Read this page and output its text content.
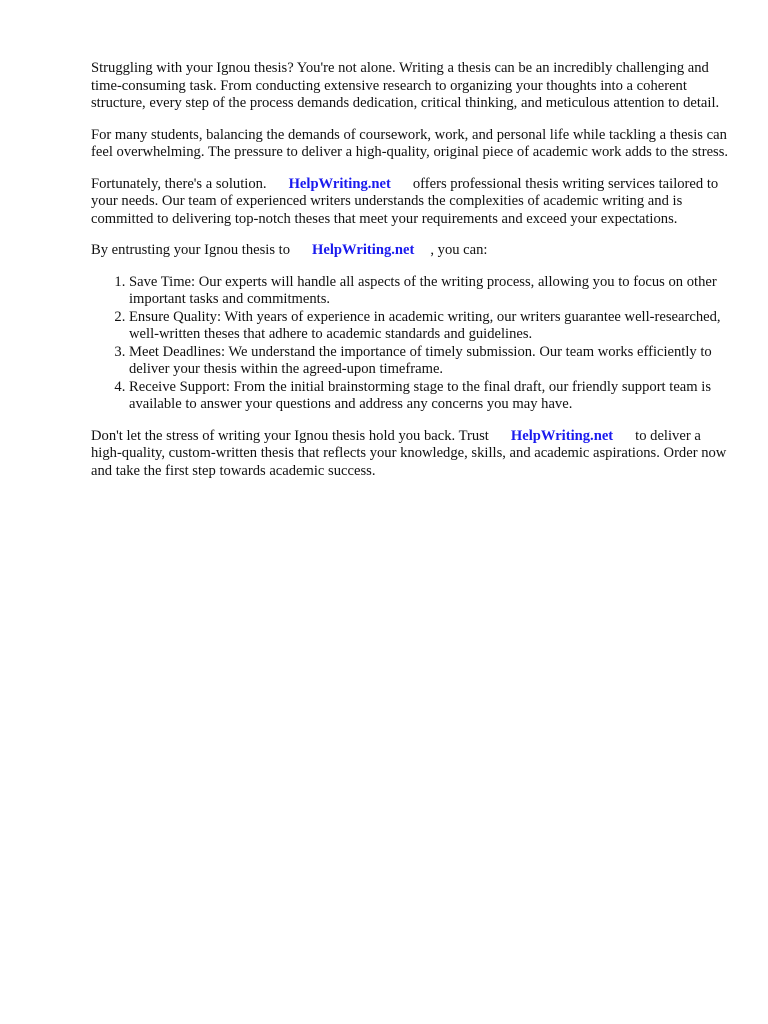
Struggling with your Ignou thesis? You're not alone. Writing a thesis can be an incredibly challenging and time-consuming task. From conducting extensive research to organizing your thoughts into a coherent structure, every step of the process demands dedication, critical thinking, and meticulous attention to detail.

For many students, balancing the demands of coursework, work, and personal life while tackling a thesis can feel overwhelming. The pressure to deliver a high-quality, original piece of academic work adds to the stress.

Fortunately, there's a solution. HelpWriting.net offers professional thesis writing services tailored to your needs. Our team of experienced writers understands the complexities of academic writing and is committed to delivering top-notch theses that meet your requirements and exceed your expectations.

By entrusting your Ignou thesis to HelpWriting.net , you can:

1. Save Time: Our experts will handle all aspects of the writing process, allowing you to focus on other important tasks and commitments.
2. Ensure Quality: With years of experience in academic writing, our writers guarantee well-researched, well-written theses that adhere to academic standards and guidelines.
3. Meet Deadlines: We understand the importance of timely submission. Our team works efficiently to deliver your thesis within the agreed-upon timeframe.
4. Receive Support: From the initial brainstorming stage to the final draft, our friendly support team is available to answer your questions and address any concerns you may have.

Don't let the stress of writing your Ignou thesis hold you back. Trust HelpWriting.net to deliver a high-quality, custom-written thesis that reflects your knowledge, skills, and academic aspirations. Order now and take the first step towards academic success.
